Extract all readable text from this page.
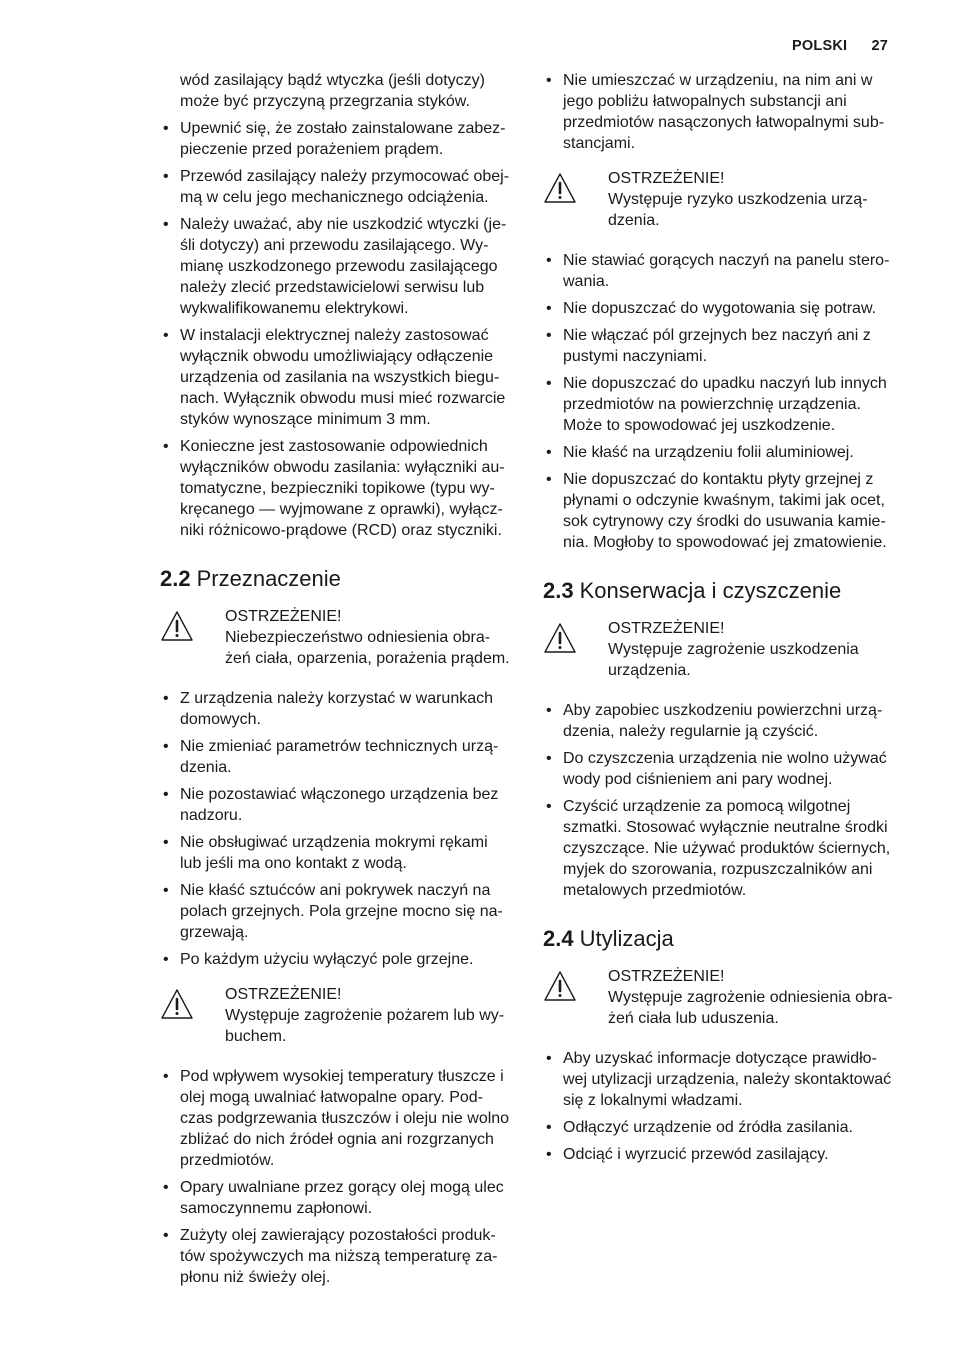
POLSKI 27
wód zasilający bądź wtyczka (jeśli dotyczy)
może być przyczyną przegrzania styków.
• Upewnić się, że zostało zainstalowane zabez-
pieczenie przed porażeniem prądem.
• Przewód zasilający należy przymocować obej-
mą w celu jego mechanicznego odciążenia.
• Należy uważać, aby nie uszkodzić wtyczki (je-
śli dotyczy) ani przewodu zasilającego. Wy-
mianę uszkodzonego przewodu zasilającego
należy zlecić przedstawicielowi serwisu lub
wykwalifikowanemu elektrykowi.
• W instalacji elektrycznej należy zastosować
wyłącznik obwodu umożliwiający odłączenie
urządzenia od zasilania na wszystkich biegu-
nach. Wyłącznik obwodu musi mieć rozwarcie
styków wynoszące minimum 3 mm.
• Konieczne jest zastosowanie odpowiednich
wyłączników obwodu zasilania: wyłączniki au-
tomatyczne, bezpieczniki topikowe (typu wy-
kręcanego — wyjmowane z oprawki), wyłącz-
niki różnicowo-prądowe (RCD) oraz styczniki.
2.2 Przeznaczenie
OSTRZEŻENIE!
Niebezpieczeństwo odniesienia obra-
żeń ciała, oparzenia, porażenia prądem.
• Z urządzenia należy korzystać w warunkach
domowych.
• Nie zmieniać parametrów technicznych urzą-
dzenia.
• Nie pozostawiać włączonego urządzenia bez
nadzoru.
• Nie obsługiwać urządzenia mokrymi rękami
lub jeśli ma ono kontakt z wodą.
• Nie kłaść sztućców ani pokrywek naczyń na
polach grzejnych. Pola grzejne mocno się na-
grzewają.
• Po każdym użyciu wyłączyć pole grzejne.
OSTRZEŻENIE!
Występuje zagrożenie pożarem lub wy-
buchem.
• Pod wpływem wysokiej temperatury tłuszcze i
olej mogą uwalniać łatwopalne opary. Pod-
czas podgrzewania tłuszczów i oleju nie wolno
zbliżać do nich źródeł ognia ani rozgrzanych
przedmiotów.
• Opary uwalniane przez gorący olej mogą ulec
samoczynnemu zapłonowi.
• Zużyty olej zawierający pozostałości produk-
tów spożywczych ma niższą temperaturę za-
płonu niż świeży olej.
• Nie umieszczać w urządzeniu, na nim ani w
jego pobliżu łatwopalnych substancji ani
przedmiotów nasączonych łatwopalnymi sub-
stancjami.
OSTRZEŻENIE!
Występuje ryzyko uszkodzenia urzą-
dzenia.
• Nie stawiać gorących naczyń na panelu stero-
wania.
• Nie dopuszczać do wygotowania się potraw.
• Nie włączać pól grzejnych bez naczyń ani z
pustymi naczyniami.
• Nie dopuszczać do upadku naczyń lub innych
przedmiotów na powierzchnię urządzenia.
Może to spowodować jej uszkodzenie.
• Nie kłaść na urządzeniu folii aluminiowej.
• Nie dopuszczać do kontaktu płyty grzejnej z
płynami o odczynie kwaśnym, takimi jak ocet,
sok cytrynowy czy środki do usuwania kamie-
nia. Mogłoby to spowodować jej zmatowienie.
2.3 Konserwacja i czyszczenie
OSTRZEŻENIE!
Występuje zagrożenie uszkodzenia
urządzenia.
• Aby zapobiec uszkodzeniu powierzchni urzą-
dzenia, należy regularnie ją czyścić.
• Do czyszczenia urządzenia nie wolno używać
wody pod ciśnieniem ani pary wodnej.
• Czyścić urządzenie za pomocą wilgotnej
szmatki. Stosować wyłącznie neutralne środki
czyszczące. Nie używać produktów ściernych,
myjek do szorowania, rozpuszczalników ani
metalowych przedmiotów.
2.4 Utylizacja
OSTRZEŻENIE!
Występuje zagrożenie odniesienia obra-
żeń ciała lub uduszenia.
• Aby uzyskać informacje dotyczące prawidło-
wej utylizacji urządzenia, należy skontaktować
się z lokalnymi władzami.
• Odłączyć urządzenie od źródła zasilania.
• Odciąć i wyrzucić przewód zasilający.
